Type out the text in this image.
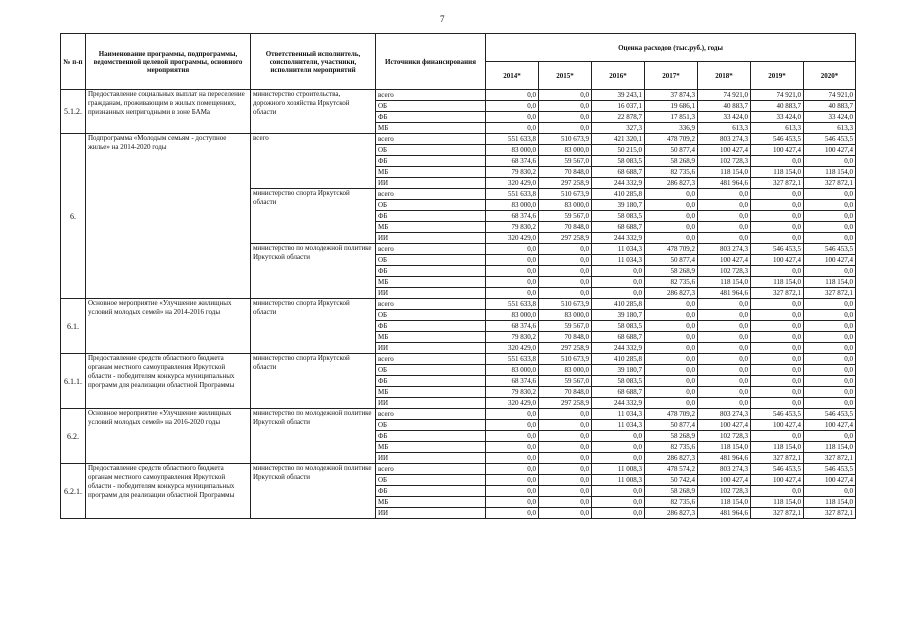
7
№ п-п	Наименование программы, подпрограммы, ведомственной целевой программы, основного мероприятия	Ответственный исполнитель, соисполнители, участники, исполнители мероприятий	Источники финансирования	Оценка расходов (тыс.руб.), годы						
				2014*	2015*	2016*	2017*	2018*	2019*	2020*
5.1.2.	Предоставление социальных выплат на переселение гражданам, проживающим в жилых помещениях, признанных непригодными в зоне БАМа	министерство строительства, дорожного хозяйства Иркутской области	всего	0,0	0,0	39 243,1	37 874,3	74 921,0	74 921,0	74 921,0
			ОБ	0,0	0,0	16 037,1	19 686,1	40 883,7	40 883,7	40 883,7
			ФБ	0,0	0,0	22 878,7	17 851,3	33 424,0	33 424,0	33 424,0
			МБ	0,0	0,0	327,3	336,9	613,3	613,3	613,3
6.	Подпрограмма «Молодым семьям - доступное жилье» на 2014-2020 годы	всего	всего	551 633,8	510 673,9	421 320,1	478 709,2	803 274,3	546 453,5	546 453,5
			ОБ	83 000,0	83 000,0	50 215,0	50 877,4	100 427,4	100 427,4	100 427,4
			ФБ	68 374,6	59 567,0	58 083,5	58 268,9	102 728,3	0,0	0,0
			МБ	79 830,2	70 848,0	68 688,7	82 735,6	118 154,0	118 154,0	118 154,0
			ИИ	320 429,0	297 258,9	244 332,9	286 827,3	481 964,6	327 872,1	327 872,1
		министерство спорта Иркутской области	всего	551 633,8	510 673,9	410 285,8	0,0	0,0	0,0	0,0
			ОБ	83 000,0	83 000,0	39 180,7	0,0	0,0	0,0	0,0
			ФБ	68 374,6	59 567,0	58 083,5	0,0	0,0	0,0	0,0
			МБ	79 830,2	70 848,0	68 688,7	0,0	0,0	0,0	0,0
			ИИ	320 429,0	297 258,9	244 332,9	0,0	0,0	0,0	0,0
		министерство по молодежной политике Иркутской области	всего	0,0	0,0	11 034,3	478 709,2	803 274,3	546 453,5	546 453,5
			ОБ	0,0	0,0	11 034,3	50 877,4	100 427,4	100 427,4	100 427,4
			ФБ	0,0	0,0	0,0	58 268,9	102 728,3	0,0	0,0
			МБ	0,0	0,0	0,0	82 735,6	118 154,0	118 154,0	118 154,0
			ИИ	0,0	0,0	0,0	286 827,3	481 964,6	327 872,1	327 872,1
6.1.	Основное мероприятие «Улучшение жилищных условий молодых семей» на 2014-2016 годы	министерство спорта Иркутской области	всего	551 633,8	510 673,9	410 285,8	0,0	0,0	0,0	0,0
			ОБ	83 000,0	83 000,0	39 180,7	0,0	0,0	0,0	0,0
			ФБ	68 374,6	59 567,0	58 083,5	0,0	0,0	0,0	0,0
			МБ	79 830,2	70 848,0	68 688,7	0,0	0,0	0,0	0,0
			ИИ	320 429,0	297 258,9	244 332,9	0,0	0,0	0,0	0,0
6.1.1.	Предоставление средств областного бюджета органам местного самоуправления Иркутской области - победителям конкурса муниципальных программ для реализации областной Программы	министерство спорта Иркутской области	всего	551 633,8	510 673,9	410 285,8	0,0	0,0	0,0	0,0
			ОБ	83 000,0	83 000,0	39 180,7	0,0	0,0	0,0	0,0
			ФБ	68 374,6	59 567,0	58 083,5	0,0	0,0	0,0	0,0
			МБ	79 830,2	70 848,0	68 688,7	0,0	0,0	0,0	0,0
			ИИ	320 429,0	297 258,9	244 332,9	0,0	0,0	0,0	0,0
6.2.	Основное мероприятие «Улучшение жилищных условий молодых семей» на 2016-2020 годы	министерство по молодежной политике Иркутской области	всего	0,0	0,0	11 034,3	478 709,2	803 274,3	546 453,5	546 453,5
			ОБ	0,0	0,0	11 034,3	50 877,4	100 427,4	100 427,4	100 427,4
			ФБ	0,0	0,0	0,0	58 268,9	102 728,3	0,0	0,0
			МБ	0,0	0,0	0,0	82 735,6	118 154,0	118 154,0	118 154,0
			ИИ	0,0	0,0	0,0	286 827,3	481 964,6	327 872,1	327 872,1
6.2.1.	Предоставление средств областного бюджета органам местного самоуправления Иркутской области - победителям конкурса муниципальных программ для реализации областной Программы	министерство по молодежной политике Иркутской области	всего	0,0	0,0	11 008,3	478 574,2	803 274,3	546 453,5	546 453,5
			ОБ	0,0	0,0	11 008,3	50 742,4	100 427,4	100 427,4	100 427,4
			ФБ	0,0	0,0	0,0	58 268,9	102 728,3	0,0	0,0
			МБ	0,0	0,0	0,0	82 735,6	118 154,0	118 154,0	118 154,0
			ИИ	0,0	0,0	0,0	286 827,3	481 964,6	327 872,1	327 872,1
